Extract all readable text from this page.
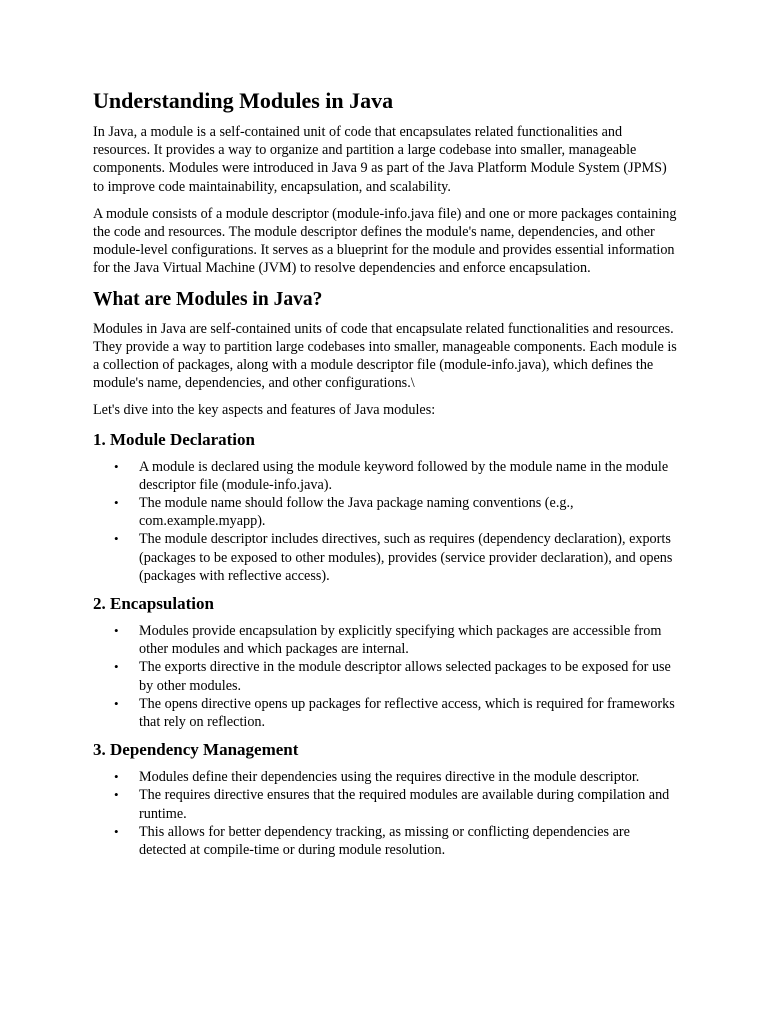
Understanding Modules in Java

In Java, a module is a self-contained unit of code that encapsulates related functionalities and resources. It provides a way to organize and partition a large codebase into smaller, manageable components. Modules were introduced in Java 9 as part of the Java Platform Module System (JPMS) to improve code maintainability, encapsulation, and scalability.

A module consists of a module descriptor (module-info.java file) and one or more packages containing the code and resources. The module descriptor defines the module's name, dependencies, and other module-level configurations. It serves as a blueprint for the module and provides essential information for the Java Virtual Machine (JVM) to resolve dependencies and enforce encapsulation.

What are Modules in Java?

Modules in Java are self-contained units of code that encapsulate related functionalities and resources. They provide a way to partition large codebases into smaller, manageable components. Each module is a collection of packages, along with a module descriptor file (module-info.java), which defines the module's name, dependencies, and other configurations.\

Let's dive into the key aspects and features of Java modules:

1. Module Declaration
• A module is declared using the module keyword followed by the module name in the module descriptor file (module-info.java).
• The module name should follow the Java package naming conventions (e.g., com.example.myapp).
• The module descriptor includes directives, such as requires (dependency declaration), exports (packages to be exposed to other modules), provides (service provider declaration), and opens (packages with reflective access).
2. Encapsulation
• Modules provide encapsulation by explicitly specifying which packages are accessible from other modules and which packages are internal.
• The exports directive in the module descriptor allows selected packages to be exposed for use by other modules.
• The opens directive opens up packages for reflective access, which is required for frameworks that rely on reflection.
3. Dependency Management
• Modules define their dependencies using the requires directive in the module descriptor.
• The requires directive ensures that the required modules are available during compilation and runtime.
• This allows for better dependency tracking, as missing or conflicting dependencies are detected at compile-time or during module resolution.
